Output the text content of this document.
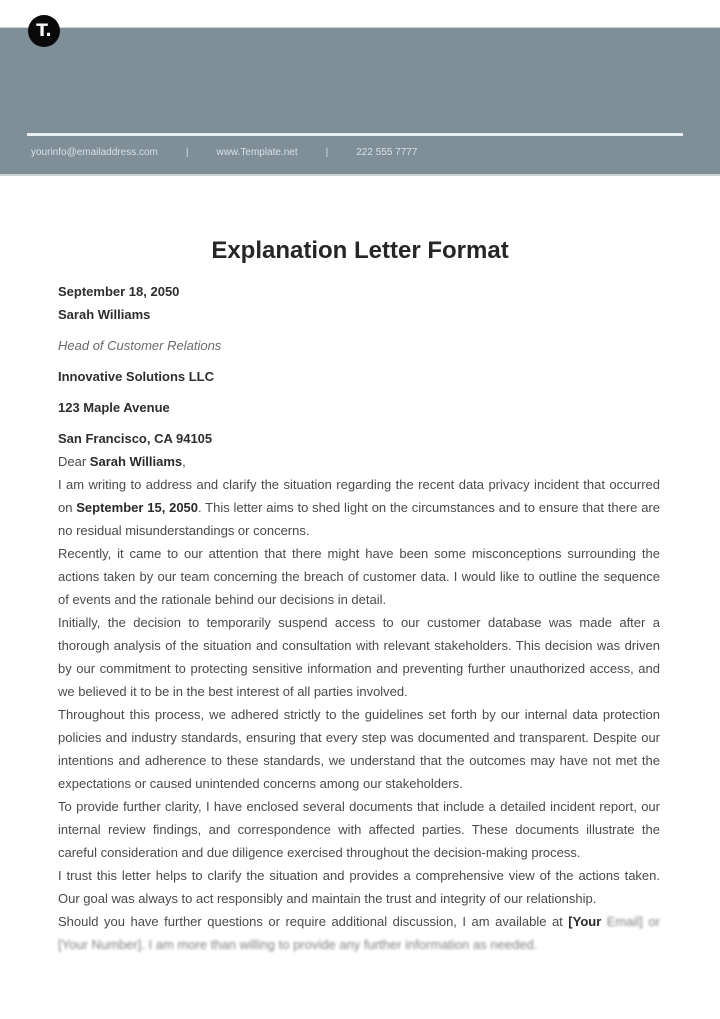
T.
yourinfo@emailaddress.com	|	www.Template.net	|	222 555 7777
Explanation Letter Format
September 18, 2050
Sarah Williams
Head of Customer Relations
Innovative Solutions LLC
123 Maple Avenue
San Francisco, CA 94105
Dear Sarah Williams,

I am writing to address and clarify the situation regarding the recent data privacy incident that occurred on September 15, 2050. This letter aims to shed light on the circumstances and to ensure that there are no residual misunderstandings or concerns.

Recently, it came to our attention that there might have been some misconceptions surrounding the actions taken by our team concerning the breach of customer data. I would like to outline the sequence of events and the rationale behind our decisions in detail.

Initially, the decision to temporarily suspend access to our customer database was made after a thorough analysis of the situation and consultation with relevant stakeholders. This decision was driven by our commitment to protecting sensitive information and preventing further unauthorized access, and we believed it to be in the best interest of all parties involved.

Throughout this process, we adhered strictly to the guidelines set forth by our internal data protection policies and industry standards, ensuring that every step was documented and transparent. Despite our intentions and adherence to these standards, we understand that the outcomes may have not met the expectations or caused unintended concerns among our stakeholders.

To provide further clarity, I have enclosed several documents that include a detailed incident report, our internal review findings, and correspondence with affected parties. These documents illustrate the careful consideration and due diligence exercised throughout the decision-making process.

I trust this letter helps to clarify the situation and provides a comprehensive view of the actions taken. Our goal was always to act responsibly and maintain the trust and integrity of our relationship.

Should you have further questions or require additional discussion, I am available at [Your Email] or [Your Number]. I am more than willing to provide any further information as needed.
